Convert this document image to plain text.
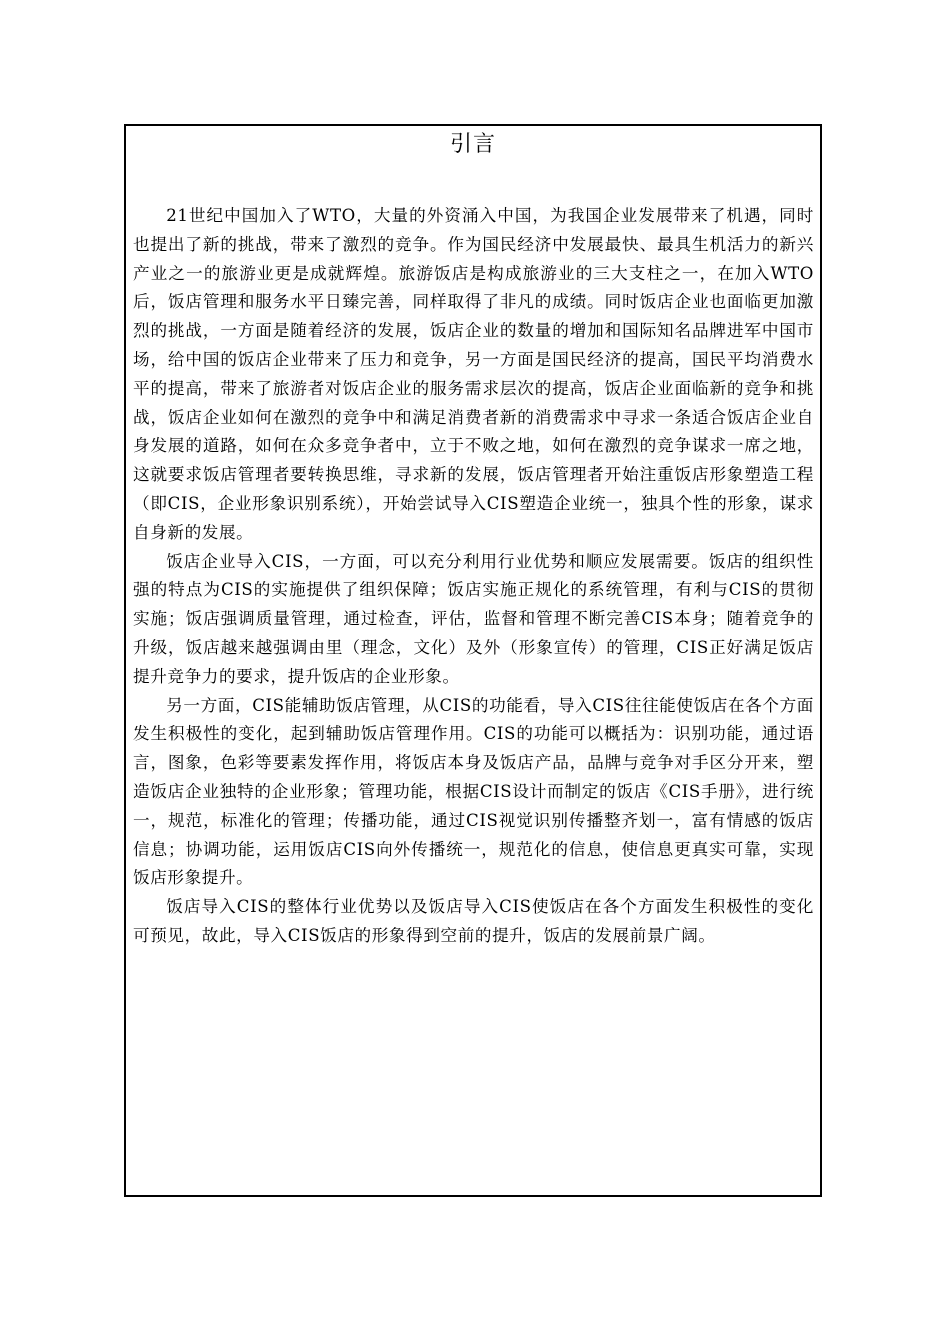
引言

21世纪中国加入了WTO，大量的外资涌入中国，为我国企业发展带来了机遇，同时也提出了新的挑战，带来了激烈的竞争。作为国民经济中发展最快、最具生机活力的新兴产业之一的旅游业更是成就辉煌。旅游饭店是构成旅游业的三大支柱之一，在加入WTO后，饭店管理和服务水平日臻完善，同样取得了非凡的成绩。同时饭店企业也面临更加激烈的挑战，一方面是随着经济的发展，饭店企业的数量的增加和国际知名品牌进军中国市场，给中国的饭店企业带来了压力和竞争，另一方面是国民经济的提高，国民平均消费水平的提高，带来了旅游者对饭店企业的服务需求层次的提高，饭店企业面临新的竞争和挑战，饭店企业如何在激烈的竞争中和满足消费者新的消费需求中寻求一条适合饭店企业自身发展的道路，如何在众多竞争者中，立于不败之地，如何在激烈的竞争谋求一席之地，这就要求饭店管理者要转换思维，寻求新的发展，饭店管理者开始注重饭店形象塑造工程（即CIS，企业形象识别系统），开始尝试导入CIS塑造企业统一，独具个性的形象，谋求自身新的发展。

饭店企业导入CIS，一方面，可以充分利用行业优势和顺应发展需要。饭店的组织性强的特点为CIS的实施提供了组织保障；饭店实施正规化的系统管理，有利与CIS的贯彻实施；饭店强调质量管理，通过检查，评估，监督和管理不断完善CIS本身；随着竞争的升级，饭店越来越强调由里（理念，文化）及外（形象宣传）的管理，CIS正好满足饭店提升竞争力的要求，提升饭店的企业形象。

另一方面，CIS能辅助饭店管理，从CIS的功能看，导入CIS往往能使饭店在各个方面发生积极性的变化，起到辅助饭店管理作用。CIS的功能可以概括为：识别功能，通过语言，图象，色彩等要素发挥作用，将饭店本身及饭店产品，品牌与竞争对手区分开来，塑造饭店企业独特的企业形象；管理功能，根据CIS设计而制定的饭店《CIS手册》，进行统一，规范，标准化的管理；传播功能，通过CIS视觉识别传播整齐划一，富有情感的饭店信息；协调功能，运用饭店CIS向外传播统一，规范化的信息，使信息更真实可靠，实现饭店形象提升。

饭店导入CIS的整体行业优势以及饭店导入CIS使饭店在各个方面发生积极性的变化可预见，故此，导入CIS饭店的形象得到空前的提升，饭店的发展前景广阔。
